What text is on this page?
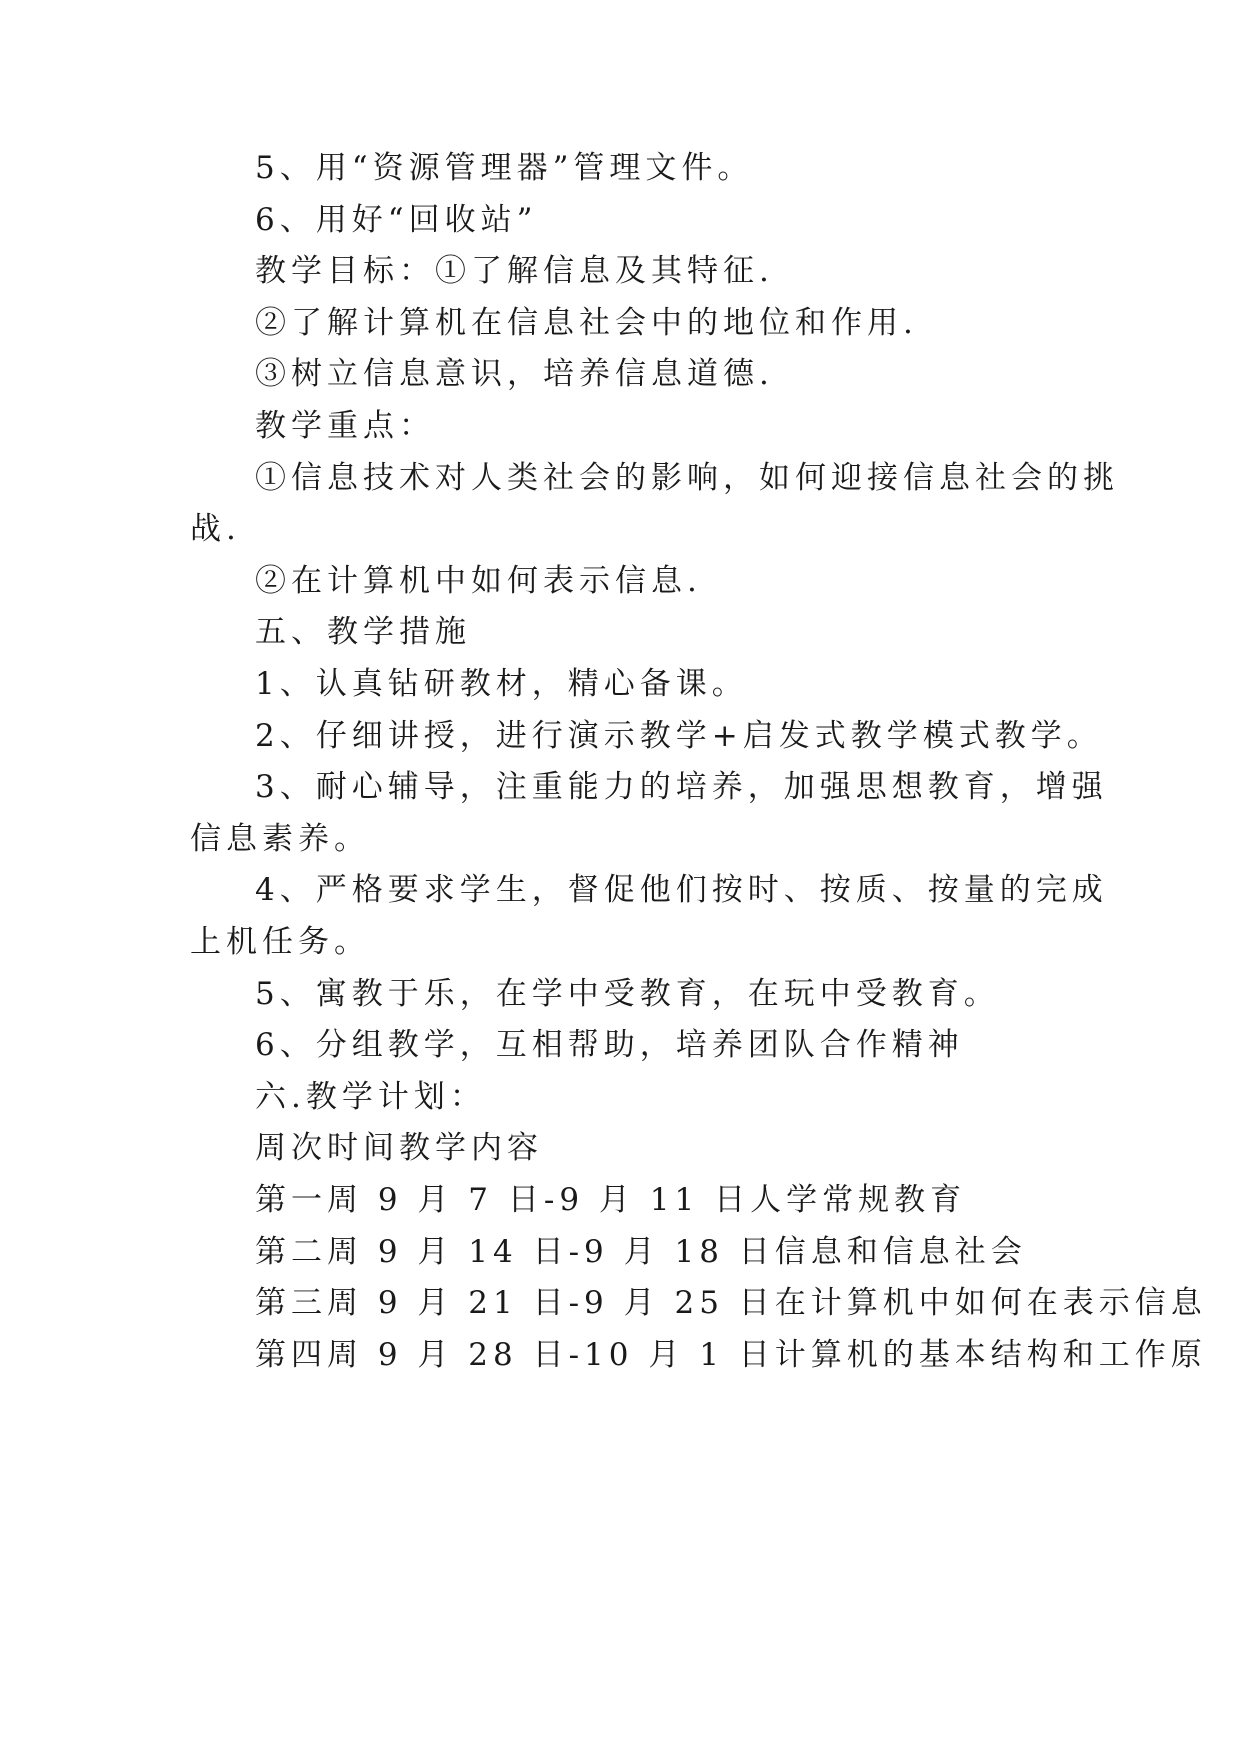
5、用“资源管理器”管理文件。

6、用好“回收站”

教学目标：①了解信息及其特征.

②了解计算机在信息社会中的地位和作用.

③树立信息意识，培养信息道德.

教学重点：

①信息技术对人类社会的影响，如何迎接信息社会的挑

战.

②在计算机中如何表示信息.

五、教学措施

1、认真钻研教材，精心备课。

2、仔细讲授，进行演示教学+启发式教学模式教学。

3、耐心辅导，注重能力的培养，加强思想教育，增强

信息素养。

4、严格要求学生，督促他们按时、按质、按量的完成

上机任务。

5、寓教于乐，在学中受教育，在玩中受教育。

6、分组教学，互相帮助，培养团队合作精神

六.教学计划：

周次时间教学内容

第一周 9 月 7 日-9 月 11 日人学常规教育

第二周 9 月 14 日-9 月 18 日信息和信息社会

第三周 9 月 21 日-9 月 25 日在计算机中如何在表示信息

第四周 9 月 28 日-10 月 1 日计算机的基本结构和工作原
